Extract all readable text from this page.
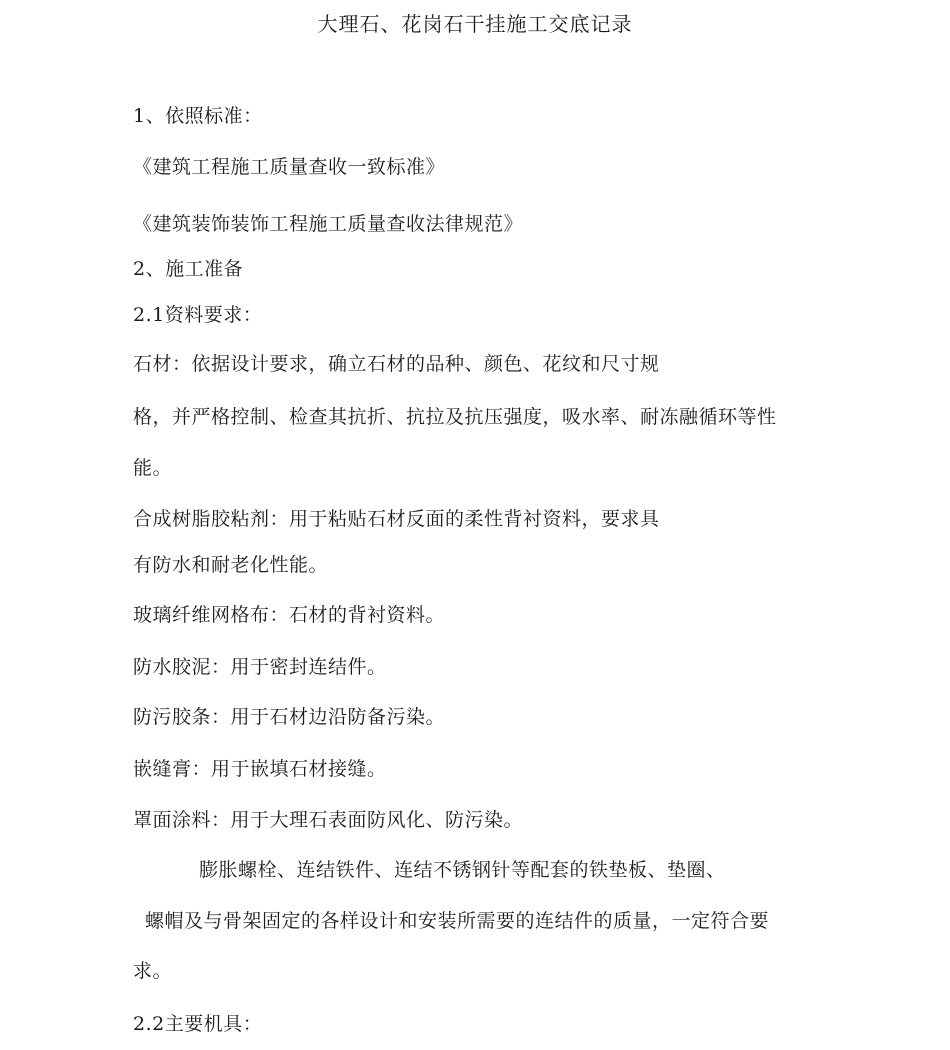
大理石、花岗石干挂施工交底记录
1、依照标准：
《建筑工程施工质量查收一致标准》
《建筑装饰装饰工程施工质量查收法律规范》
2、施工准备
2.1资料要求：
石材：依据设计要求，确立石材的品种、颜色、花纹和尺寸规
格，并严格控制、检查其抗折、抗拉及抗压强度，吸水率、耐冻融循环等性
能。
合成树脂胶粘剂：用于粘贴石材反面的柔性背衬资料，要求具
有防水和耐老化性能。
玻璃纤维网格布：石材的背衬资料。
防水胶泥：用于密封连结件。
防污胶条：用于石材边沿防备污染。
嵌缝膏：用于嵌填石材接缝。
罩面涂料：用于大理石表面防风化、防污染。
膨胀螺栓、连结铁件、连结不锈钢针等配套的铁垫板、垫圈、
螺帽及与骨架固定的各样设计和安装所需要的连结件的质量，一定符合要
求。
2.2主要机具：
